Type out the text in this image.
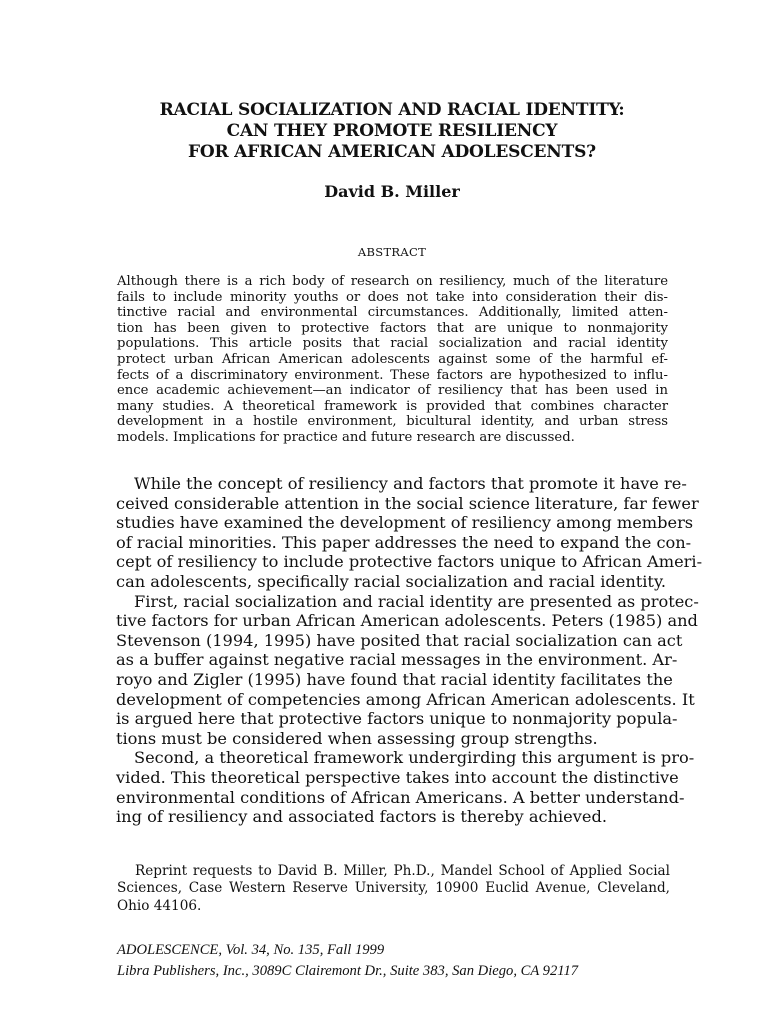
RACIAL SOCIALIZATION AND RACIAL IDENTITY:
CAN THEY PROMOTE RESILIENCY
FOR AFRICAN AMERICAN ADOLESCENTS?
David B. Miller
ABSTRACT
Although there is a rich body of research on resiliency, much of the literature
fails to include minority youths or does not take into consideration their dis-
tinctive racial and environmental circumstances. Additionally, limited atten-
tion has been given to protective factors that are unique to nonmajority
populations. This article posits that racial socialization and racial identity
protect urban African American adolescents against some of the harmful ef-
fects of a discriminatory environment. These factors are hypothesized to influ-
ence academic achievement—an indicator of resiliency that has been used in
many studies. A theoretical framework is provided that combines character
development in a hostile environment, bicultural identity, and urban stress
models. Implications for practice and future research are discussed.
While the concept of resiliency and factors that promote it have re-
ceived considerable attention in the social science literature, far fewer
studies have examined the development of resiliency among members
of racial minorities. This paper addresses the need to expand the con-
cept of resiliency to include protective factors unique to African Ameri-
can adolescents, specifically racial socialization and racial identity.
First, racial socialization and racial identity are presented as protec-
tive factors for urban African American adolescents. Peters (1985) and
Stevenson (1994, 1995) have posited that racial socialization can act
as a buffer against negative racial messages in the environment. Ar-
royo and Zigler (1995) have found that racial identity facilitates the
development of competencies among African American adolescents. It
is argued here that protective factors unique to nonmajority popula-
tions must be considered when assessing group strengths.
Second, a theoretical framework undergirding this argument is pro-
vided. This theoretical perspective takes into account the distinctive
environmental conditions of African Americans. A better understand-
ing of resiliency and associated factors is thereby achieved.
Reprint requests to David B. Miller, Ph.D., Mandel School of Applied Social
Sciences, Case Western Reserve University, 10900 Euclid Avenue, Cleveland,
Ohio 44106.
ADOLESCENCE, Vol. 34, No. 135, Fall 1999
Libra Publishers, Inc., 3089C Clairemont Dr., Suite 383, San Diego, CA 92117
